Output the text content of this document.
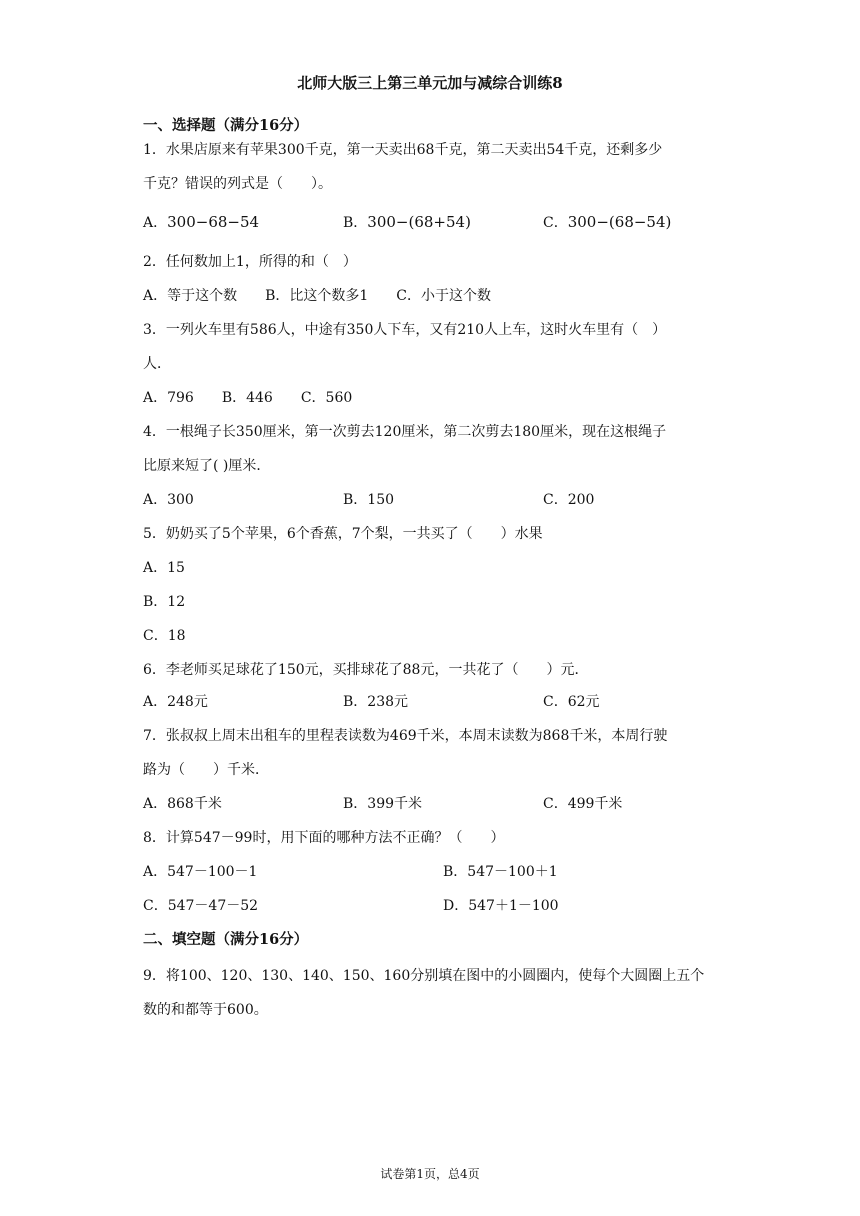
北师大版三上第三单元加与减综合训练8
一、选择题（满分16分）
1．水果店原来有苹果300千克，第一天卖出68千克，第二天卖出54千克，还剩多少
千克？错误的列式是（　　）。
A．300−68−54	B．300−(68+54)	C．300−(68−54)
2．任何数加上1，所得的和（　）
A．等于这个数　　B．比这个数多1　　C．小于这个数
3．一列火车里有586人，中途有350人下车，又有210人上车，这时火车里有（　）
人．
A．796　　B．446　　C．560
4．一根绳子长350厘米，第一次剪去120厘米，第二次剪去180厘米，现在这根绳子
比原来短了( )厘米．
A．300	B．150	C．200
5．奶奶买了5个苹果，6个香蕉，7个梨，一共买了（　　）水果
A．15
B．12
C．18
6．李老师买足球花了150元，买排球花了88元，一共花了（　　）元．
A．248元	B．238元	C．62元
7．张叔叔上周末出租车的里程表读数为469千米，本周末读数为868千米，本周行驶
路为（　　）千米．
A．868千米	B．399千米	C．499千米
8．计算547－99时，用下面的哪种方法不正确？（　　）
A．547－100－1	B．547－100＋1
C．547－47－52	D．547＋1－100
二、填空题（满分16分）
9．将100、120、130、140、150、160分别填在图中的小圆圈内，使每个大圆圈上五个
数的和都等于600。
试卷第1页，总4页
